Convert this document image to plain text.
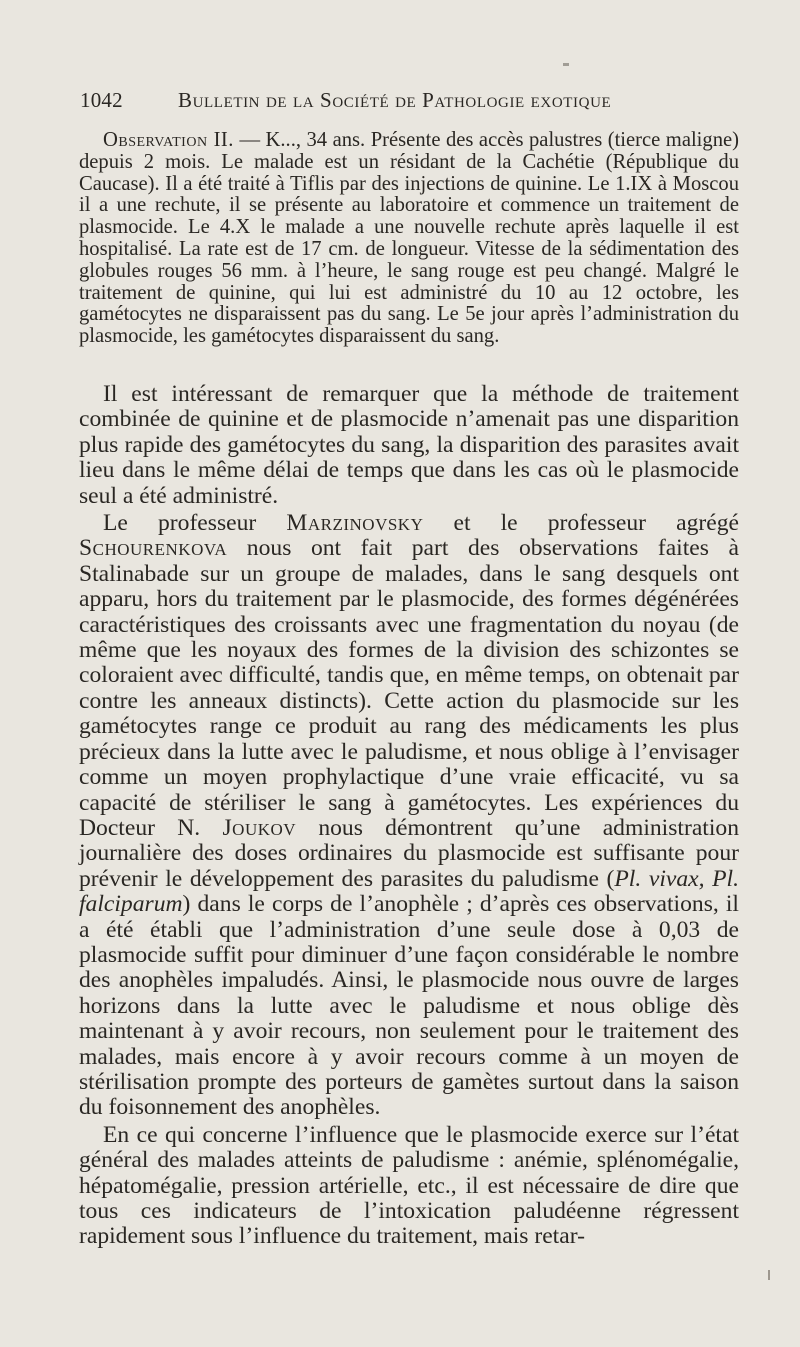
1042	Bulletin de la Société de Pathologie exotique

Observation II. — K..., 34 ans. Présente des accès palustres (tierce maligne) depuis 2 mois. Le malade est un résidant de la Cachétie (République du Caucase). Il a été traité à Tiflis par des injections de quinine. Le 1.IX à Moscou il a une rechute, il se présente au laboratoire et commence un traitement de plasmocide. Le 4.X le malade a une nouvelle rechute après laquelle il est hospitalisé. La rate est de 17 cm. de longueur. Vitesse de la sédimentation des globules rouges 56 mm. à l’heure, le sang rouge est peu changé. Malgré le traitement de quinine, qui lui est administré du 10 au 12 octobre, les gamétocytes ne disparaissent pas du sang. Le 5e jour après l’administration du plasmocide, les gamétocytes disparaissent du sang.

Il est intéressant de remarquer que la méthode de traitement combinée de quinine et de plasmocide n’amenait pas une disparition plus rapide des gamétocytes du sang, la disparition des parasites avait lieu dans le même délai de temps que dans les cas où le plasmocide seul a été administré.

Le professeur Marzinovsky et le professeur agrégé Schourenkova nous ont fait part des observations faites à Stalinabade sur un groupe de malades, dans le sang desquels ont apparu, hors du traitement par le plasmocide, des formes dégénérées caractéristiques des croissants avec une fragmentation du noyau (de même que les noyaux des formes de la division des schizontes se coloraient avec difficulté, tandis que, en même temps, on obtenait par contre les anneaux distincts). Cette action du plasmocide sur les gamétocytes range ce produit au rang des médicaments les plus précieux dans la lutte avec le paludisme, et nous oblige à l’envisager comme un moyen prophylactique d’une vraie efficacité, vu sa capacité de stériliser le sang à gamétocytes. Les expériences du Docteur N. Joukov nous démontrent qu’une administration journalière des doses ordinaires du plasmocide est suffisante pour prévenir le développement des parasites du paludisme (Pl. vivax, Pl. falciparum) dans le corps de l’anophèle ; d’après ces observations, il a été établi que l’administration d’une seule dose à 0,03 de plasmocide suffit pour diminuer d’une façon considérable le nombre des anophèles impaludés. Ainsi, le plasmocide nous ouvre de larges horizons dans la lutte avec le paludisme et nous oblige dès maintenant à y avoir recours, non seulement pour le traitement des malades, mais encore à y avoir recours comme à un moyen de stérilisation prompte des porteurs de gamètes surtout dans la saison du foisonnement des anophèles.

En ce qui concerne l’influence que le plasmocide exerce sur l’état général des malades atteints de paludisme : anémie, splénomégalie, hépatomégalie, pression artérielle, etc., il est nécessaire de dire que tous ces indicateurs de l’intoxication paludéenne régressent rapidement sous l’influence du traitement, mais retar-
